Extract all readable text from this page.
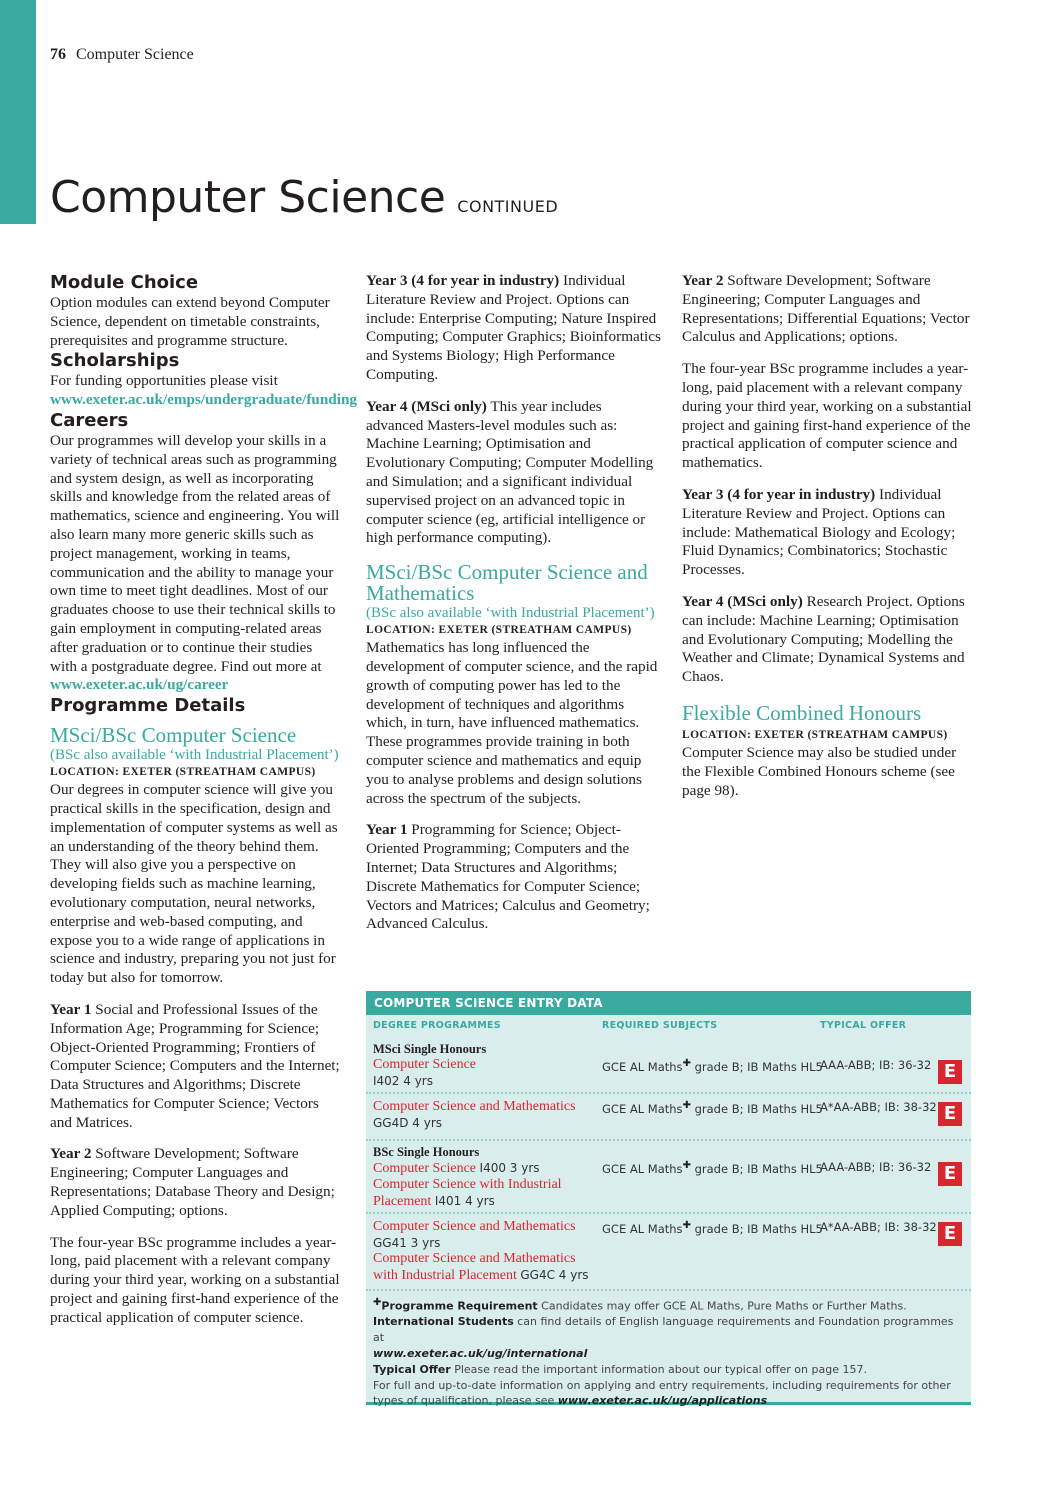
76 Computer Science
Computer Science CONTINUED
Module Choice

Option modules can extend beyond Computer Science, dependent on timetable constraints, prerequisites and programme structure.

Scholarships

For funding opportunities please visit
www.exeter.ac.uk/emps/undergraduate/funding

Careers

Our programmes will develop your skills in a variety of technical areas such as programming and system design, as well as incorporating skills and knowledge from the related areas of mathematics, science and engineering. You will also learn many more generic skills such as project management, working in teams, communication and the ability to manage your own time to meet tight deadlines. Most of our graduates choose to use their technical skills to gain employment in computing-related areas after graduation or to continue their studies with a postgraduate degree. Find out more at
www.exeter.ac.uk/ug/career

Programme Details
MSci/BSc Computer Science
(BSc also available ‘with Industrial Placement’)
LOCATION: EXETER (STREATHAM CAMPUS)

Our degrees in computer science will give you practical skills in the specification, design and implementation of computer systems as well as an understanding of the theory behind them. They will also give you a perspective on developing fields such as machine learning, evolutionary computation, neural networks, enterprise and web-based computing, and expose you to a wide range of applications in science and industry, preparing you not just for today but also for tomorrow.

Year 1 Social and Professional Issues of the Information Age; Programming for Science; Object-Oriented Programming; Frontiers of Computer Science; Computers and the Internet; Data Structures and Algorithms; Discrete Mathematics for Computer Science; Vectors and Matrices.

Year 2 Software Development; Software Engineering; Computer Languages and Representations; Database Theory and Design; Applied Computing; options.

The four-year BSc programme includes a year-long, paid placement with a relevant company during your third year, working on a substantial project and gaining first-hand experience of the practical application of computer science.

Year 3 (4 for year in industry) Individual Literature Review and Project. Options can include: Enterprise Computing; Nature Inspired Computing; Computer Graphics; Bioinformatics and Systems Biology; High Performance Computing.

Year 4 (MSci only) This year includes advanced Masters-level modules such as: Machine Learning; Optimisation and Evolutionary Computing; Computer Modelling and Simulation; and a significant individual supervised project on an advanced topic in computer science (eg, artificial intelligence or high performance computing).

MSci/BSc Computer Science and Mathematics
(BSc also available ‘with Industrial Placement’)
LOCATION: EXETER (STREATHAM CAMPUS)

Mathematics has long influenced the development of computer science, and the rapid growth of computing power has led to the development of techniques and algorithms which, in turn, have influenced mathematics. These programmes provide training in both computer science and mathematics and equip you to analyse problems and design solutions across the spectrum of the subjects.

Year 1 Programming for Science; Object-Oriented Programming; Computers and the Internet; Data Structures and Algorithms; Discrete Mathematics for Computer Science; Vectors and Matrices; Calculus and Geometry; Advanced Calculus.

Year 2 Software Development; Software Engineering; Computer Languages and Representations; Differential Equations; Vector Calculus and Applications; options.

The four-year BSc programme includes a year-long, paid placement with a relevant company during your third year, working on a substantial project and gaining first-hand experience of the practical application of computer science and mathematics.

Year 3 (4 for year in industry) Individual Literature Review and Project. Options can include: Mathematical Biology and Ecology; Fluid Dynamics; Combinatorics; Stochastic Processes.

Year 4 (MSci only) Research Project. Options can include: Machine Learning; Optimisation and Evolutionary Computing; Modelling the Weather and Climate; Dynamical Systems and Chaos.

Flexible Combined Honours
LOCATION: EXETER (STREATHAM CAMPUS)

Computer Science may also be studied under the Flexible Combined Honours scheme (see page 98).

COMPUTER SCIENCE ENTRY DATA
DEGREE PROGRAMMES	REQUIRED SUBJECTS	TYPICAL OFFER
MSci Single Honours
Computer Science
I402 4 yrs
GCE AL Maths✚ grade B; IB Maths HL5
AAA-ABB; IB: 36-32 E
Computer Science and Mathematics
GG4D 4 yrs
GCE AL Maths✚ grade B; IB Maths HL5
A*AA-ABB; IB: 38-32 E
BSc Single Honours
Computer Science I400 3 yrs
Computer Science with Industrial Placement I401 4 yrs
GCE AL Maths✚ grade B; IB Maths HL5
AAA-ABB; IB: 36-32 E
Computer Science and Mathematics
GG41 3 yrs
Computer Science and Mathematics with Industrial Placement GG4C 4 yrs
GCE AL Maths✚ grade B; IB Maths HL5
A*AA-ABB; IB: 38-32 E
✚Programme Requirement Candidates may offer GCE AL Maths, Pure Maths or Further Maths.
International Students can find details of English language requirements and Foundation programmes at
www.exeter.ac.uk/ug/international
Typical Offer Please read the important information about our typical offer on page 157.
For full and up-to-date information on applying and entry requirements, including requirements for other types of qualification, please see www.exeter.ac.uk/ug/applications
